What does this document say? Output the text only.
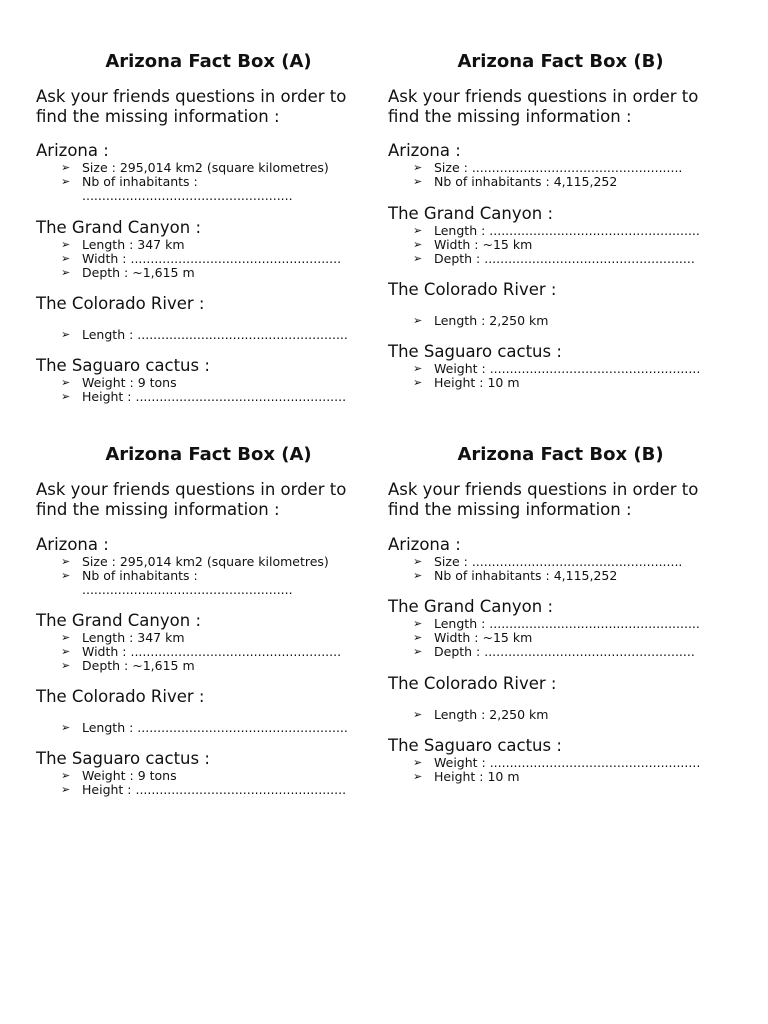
Arizona Fact Box (A)

Ask your friends questions in order to
find the missing information :

Arizona :

➢ Size : 295,014 km2 (square kilometres)
➢ Nb of inhabitants :
.....................................................

The Grand Canyon :

➢ Length : 347 km
➢ Width : .....................................................
➢ Depth : ~1,615 m

The Colorado River :

➢ Length : .....................................................

The Saguaro cactus :

➢ Weight : 9 tons
➢ Height : .....................................................
Arizona Fact Box (B)

Ask your friends questions in order to
find the missing information :

Arizona :

➢ Size : .....................................................
➢ Nb of inhabitants : 4,115,252

The Grand Canyon :

➢ Length : .....................................................
➢ Width : ~15 km
➢ Depth : .....................................................

The Colorado River :

➢ Length : 2,250 km

The Saguaro cactus :

➢ Weight : .....................................................
➢ Height : 10 m
Arizona Fact Box (A)

Ask your friends questions in order to
find the missing information :

Arizona :

➢ Size : 295,014 km2 (square kilometres)
➢ Nb of inhabitants :
.....................................................

The Grand Canyon :

➢ Length : 347 km
➢ Width : .....................................................
➢ Depth : ~1,615 m

The Colorado River :

➢ Length : .....................................................

The Saguaro cactus :

➢ Weight : 9 tons
➢ Height : .....................................................
Arizona Fact Box (B)

Ask your friends questions in order to
find the missing information :

Arizona :

➢ Size : .....................................................
➢ Nb of inhabitants : 4,115,252

The Grand Canyon :

➢ Length : .....................................................
➢ Width : ~15 km
➢ Depth : .....................................................

The Colorado River :

➢ Length : 2,250 km

The Saguaro cactus :

➢ Weight : .....................................................
➢ Height : 10 m
